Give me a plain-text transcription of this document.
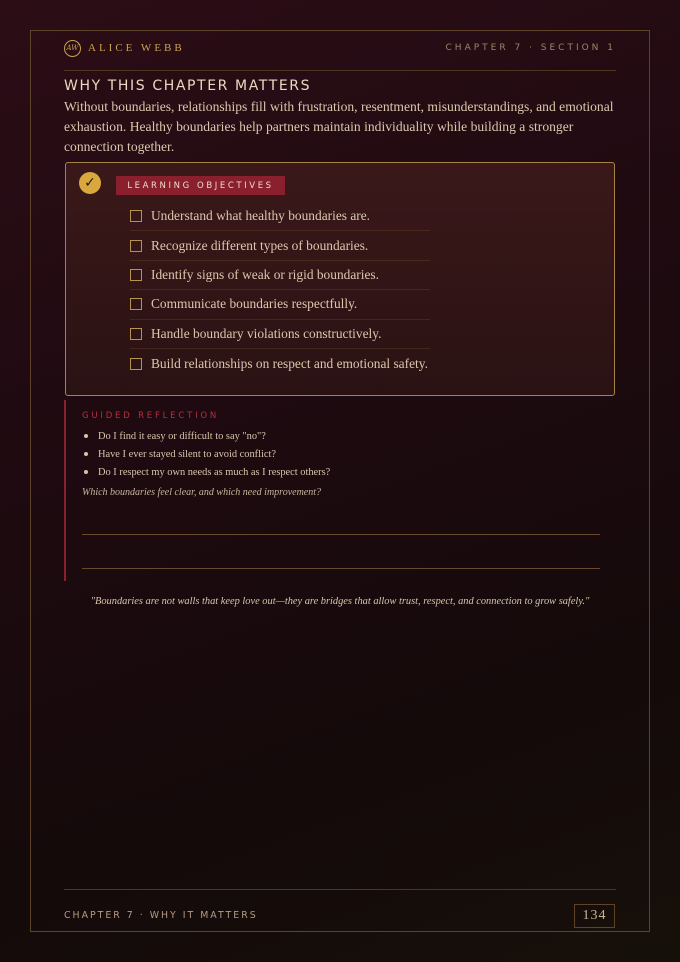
AW ALICE WEBB	CHAPTER 7 · SECTION 1
WHY THIS CHAPTER MATTERS

Without boundaries, relationships fill with frustration, resentment, misunderstandings, and emotional exhaustion. Healthy boundaries help partners maintain individuality while building a stronger connection together.

✓	LEARNING OBJECTIVES
Understand what healthy boundaries are.
Recognize different types of boundaries.
Identify signs of weak or rigid boundaries.
Communicate boundaries respectfully.
Handle boundary violations constructively.
Build relationships on respect and emotional safety.
GUIDED REFLECTION
Do I find it easy or difficult to say "no"?
Have I ever stayed silent to avoid conflict?
Do I respect my own needs as much as I respect others?

Which boundaries feel clear, and which need improvement?

"Boundaries are not walls that keep love out—they are bridges that allow trust, respect, and connection to grow safely."

CHAPTER 7 · WHY IT MATTERS	134
